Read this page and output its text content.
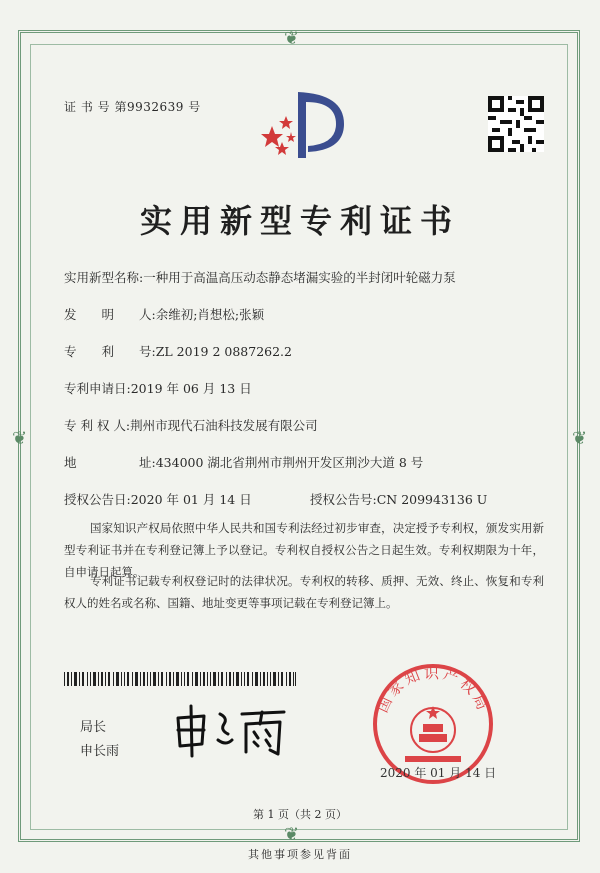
❦
❦
❦	❦
证 书 号 第9932639 号
实用新型专利证书
实用新型名称:一种用于高温高压动态静态堵漏实验的半封闭叶轮磁力泵
发　　明　　人:余维初;肖想松;张颖
专　　利　　号:ZL 2019 2 0887262.2
专利申请日:2019 年 06 月 13 日
专 利 权 人:荆州市现代石油科技发展有限公司
地　　　　　址:434000 湖北省荆州市荆州开发区荆沙大道 8 号
授权公告日:2020 年 01 月 14 日	授权公告号:CN 209943136 U
国家知识产权局依照中华人民共和国专利法经过初步审查，决定授予专利权，颁发实用新型专利证书并在专利登记簿上予以登记。专利权自授权公告之日起生效。专利权期限为十年，自申请日起算。
专利证书记载专利权登记时的法律状况。专利权的转移、质押、无效、终止、恢复和专利权人的姓名或名称、国籍、地址变更等事项记载在专利登记簿上。
局长
申长雨
国家知识产权局
2020 年 01 月 14 日
第 1 页（共 2 页）
其他事项参见背面
